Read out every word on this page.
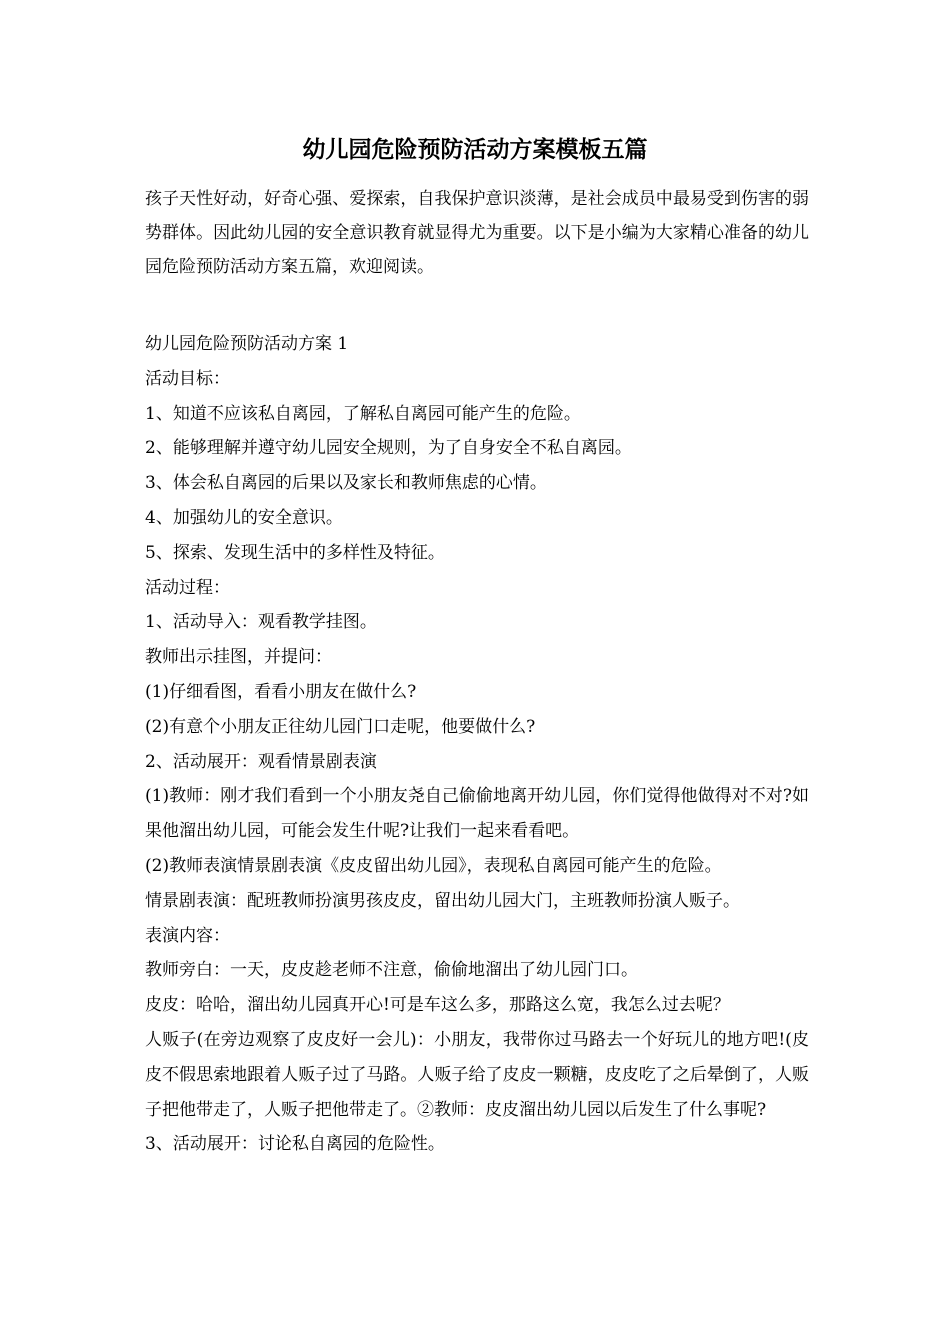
幼儿园危险预防活动方案模板五篇
孩子天性好动，好奇心强、爱探索，自我保护意识淡薄，是社会成员中最易受到伤害的弱势群体。因此幼儿园的安全意识教育就显得尤为重要。以下是小编为大家精心准备的幼儿园危险预防活动方案五篇，欢迎阅读。
幼儿园危险预防活动方案 1
活动目标：
1、知道不应该私自离园，了解私自离园可能产生的危险。
2、能够理解并遵守幼儿园安全规则，为了自身安全不私自离园。
3、体会私自离园的后果以及家长和教师焦虑的心情。
4、加强幼儿的安全意识。
5、探索、发现生活中的多样性及特征。
活动过程：
1、活动导入：观看教学挂图。
教师出示挂图，并提问：
(1)仔细看图，看看小朋友在做什么?
(2)有意个小朋友正往幼儿园门口走呢，他要做什么?
2、活动展开：观看情景剧表演
(1)教师：刚才我们看到一个小朋友尧自己偷偷地离开幼儿园，你们觉得他做得对不对?如果他溜出幼儿园，可能会发生什呢?让我们一起来看看吧。
(2)教师表演情景剧表演《皮皮留出幼儿园》，表现私自离园可能产生的危险。
情景剧表演：配班教师扮演男孩皮皮，留出幼儿园大门，主班教师扮演人贩子。
表演内容：
教师旁白：一天，皮皮趁老师不注意，偷偷地溜出了幼儿园门口。
皮皮：哈哈，溜出幼儿园真开心!可是车这么多，那路这么宽，我怎么过去呢？
人贩子(在旁边观察了皮皮好一会儿)：小朋友，我带你过马路去一个好玩儿的地方吧!(皮皮不假思索地跟着人贩子过了马路。人贩子给了皮皮一颗糖，皮皮吃了之后晕倒了，人贩子把他带走了，人贩子把他带走了。②教师：皮皮溜出幼儿园以后发生了什么事呢?
3、活动展开：讨论私自离园的危险性。
